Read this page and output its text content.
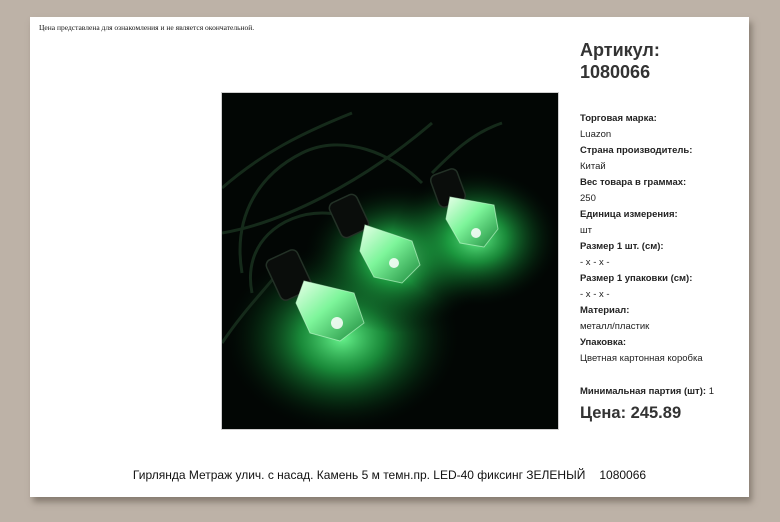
Цена представлена для ознакомления и не является окончательной.
Артикул:
1080066
Торговая марка:
Luazon
Страна производитель:
Китай
Вес товара в граммах:
250
Единица измерения:
шт
Размер 1 шт. (см):
- x - x -
Размер 1 упаковки (см):
- x - x -
Материал:
металл/пластик
Упаковка:
Цветная картонная коробка
Минимальная партия (шт): 1
Цена: 245.89
Гирлянда Метраж улич. с насад. Камень 5 м темн.пр. LED-40 фиксинг ЗЕЛЕНЫЙ 1080066
